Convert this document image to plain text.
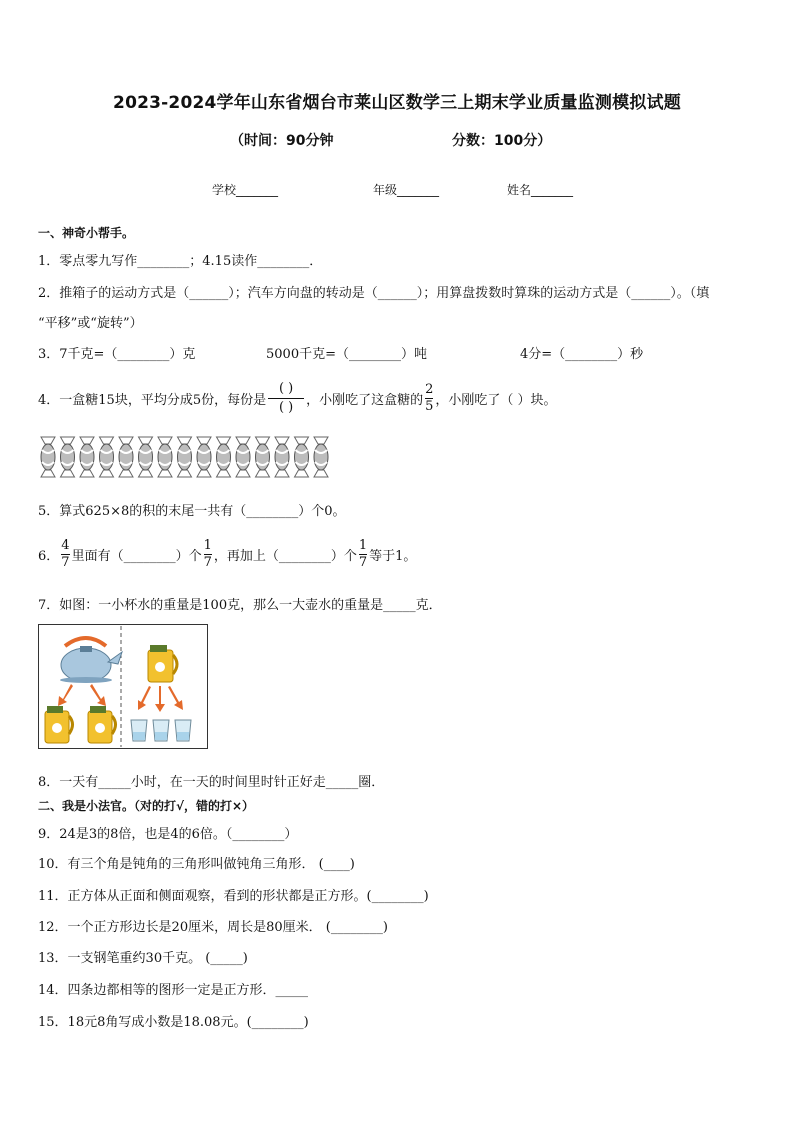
2023-2024学年山东省烟台市莱山区数学三上期末学业质量监测模拟试题
（时间：90分钟	分数：100分）
学校_______	年级_______	姓名_______
一、神奇小帮手。
1．零点零九写作________；4.15读作________．
2．推箱子的运动方式是（______）；汽车方向盘的转动是（______）；用算盘拨数时算珠的运动方式是（______）。（填
“平移”或“旋转”）
3．7千克=（________）克	5000千克=（________）吨	4分=（________）秒
4．一盒糖15块，平均分成5份，每份是
( )
( ) ，小刚吃了这盒糖的 $\frac{2}{5}$ ，小刚吃了（ ）块。
5．算式625×8的积的末尾一共有（________）个0。
6． $\frac{4}{7}$ 里面有（________）个 $\frac{1}{7}$ ，再加上（________）个 $\frac{1}{7}$ 等于1。
7．如图：一小杯水的重量是100克，那么一大壶水的重量是_____克．
8．一天有_____小时，在一天的时间里时针正好走_____圈．
二、我是小法官。（对的打√，错的打×）
9．24是3的8倍，也是4的6倍。（________）
10．有三个角是钝角的三角形叫做钝角三角形． (____)
11．正方体从正面和侧面观察，看到的形状都是正方形。(________)
12．一个正方形边长是20厘米，周长是80厘米． (________)
13．一支钢笔重约30千克。 (_____)
14．四条边都相等的图形一定是正方形．_____
15．18元8角写成小数是18.08元。(________)
